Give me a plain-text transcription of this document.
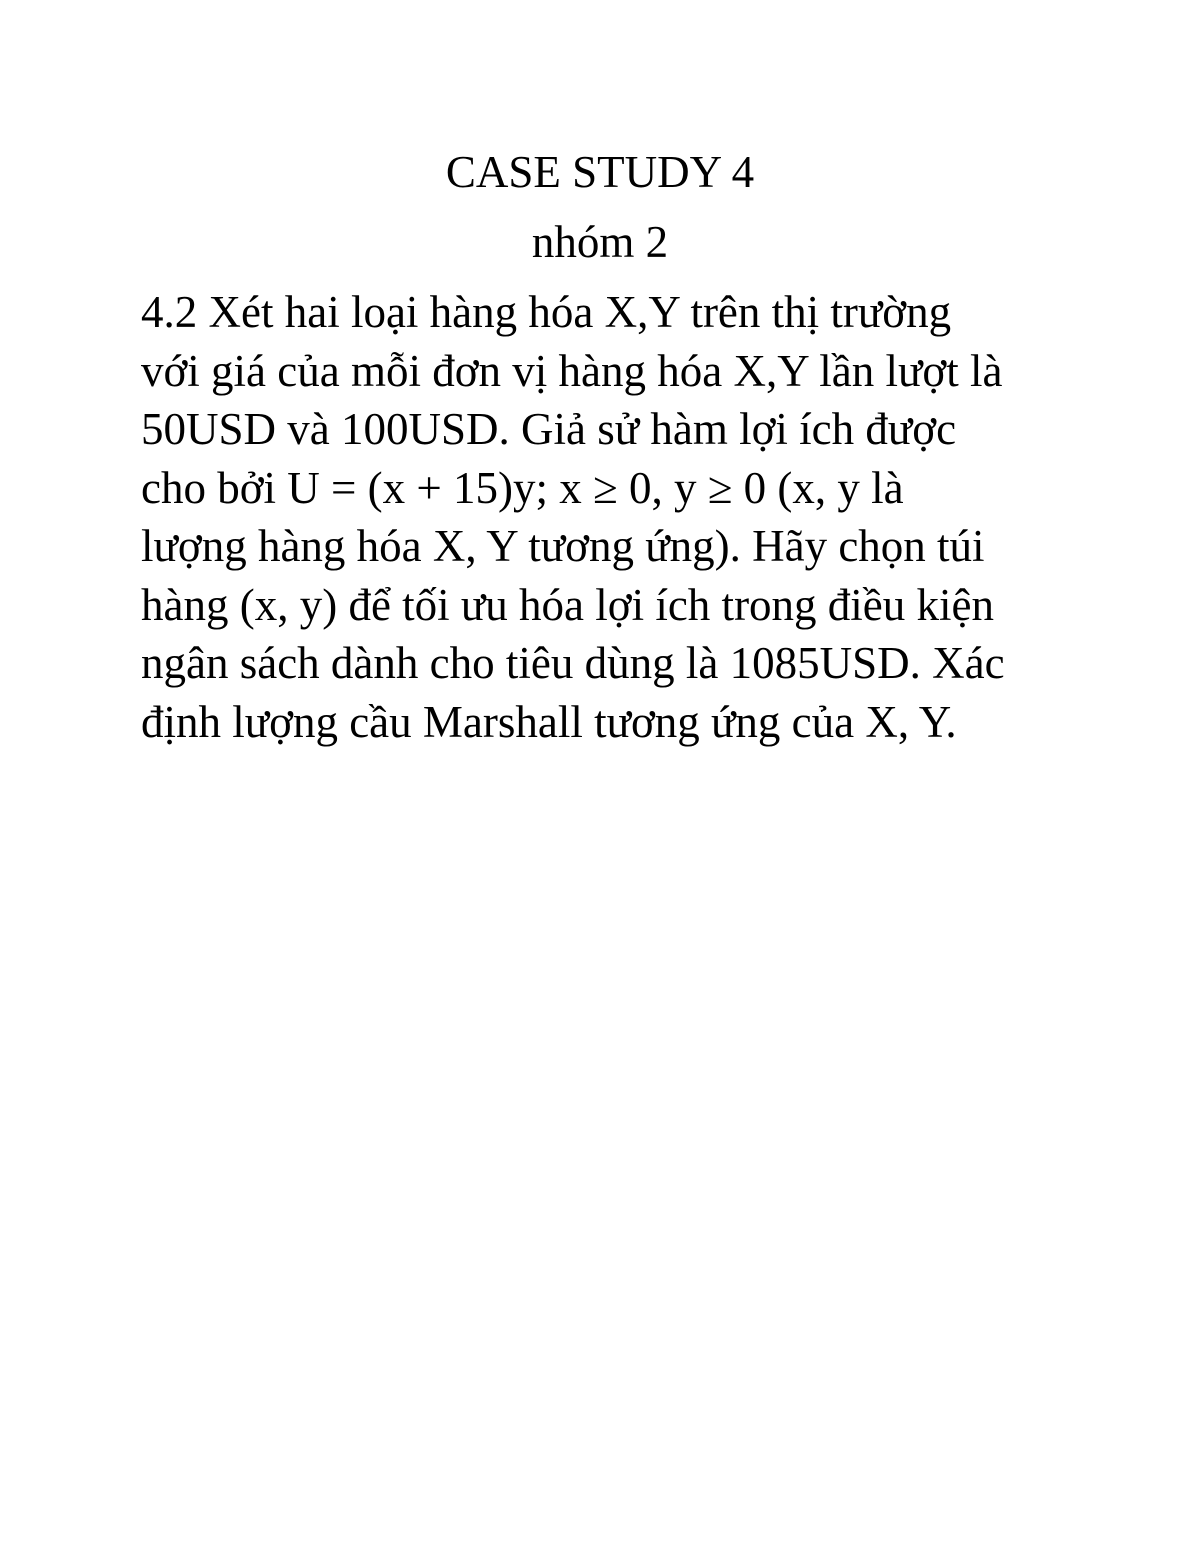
CASE STUDY 4
nhóm 2
4.2 Xét hai loại hàng hóa X,Y trên thị trường
với giá của mỗi đơn vị hàng hóa X,Y lần lượt là
50USD và 100USD. Giả sử hàm lợi ích được
cho bởi U = (x + 15)y; x ≥ 0, y ≥ 0 (x, y là
lượng hàng hóa X, Y tương ứng). Hãy chọn túi
hàng (x, y) để tối ưu hóa lợi ích trong điều kiện
ngân sách dành cho tiêu dùng là 1085USD. Xác
định lượng cầu Marshall tương ứng của X, Y.
